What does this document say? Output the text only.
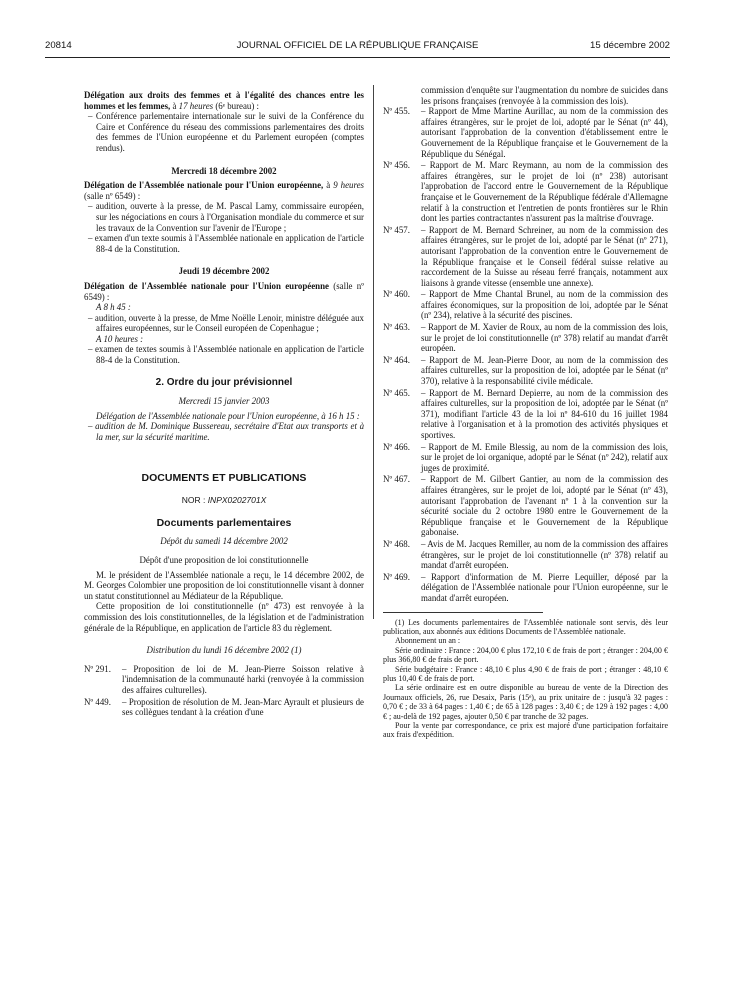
20814	JOURNAL OFFICIEL DE LA RÉPUBLIQUE FRANÇAISE	15 décembre 2002

Délégation aux droits des femmes et à l'égalité des chances entre les hommes et les femmes, à 17 heures (6ᵉ bureau) :

– Conférence parlementaire internationale sur le suivi de la Conférence du Caire et Conférence du réseau des commissions parlementaires des droits des femmes de l'Union européenne et du Parlement européen (comptes rendus).

Mercredi 18 décembre 2002

Délégation de l'Assemblée nationale pour l'Union européenne, à 9 heures (salle nº 6549) :

– audition, ouverte à la presse, de M. Pascal Lamy, commissaire européen, sur les négociations en cours à l'Organisation mondiale du commerce et sur les travaux de la Convention sur l'avenir de l'Europe ;

– examen d'un texte soumis à l'Assemblée nationale en application de l'article 88-4 de la Constitution.

Jeudi 19 décembre 2002

Délégation de l'Assemblée nationale pour l'Union européenne (salle nº 6549) :

A 8 h 45 :

– audition, ouverte à la presse, de Mme Noëlle Lenoir, ministre déléguée aux affaires européennes, sur le Conseil européen de Copenhague ;

A 10 heures :

– examen de textes soumis à l'Assemblée nationale en application de l'article 88-4 de la Constitution.

2. Ordre du jour prévisionnel

Mercredi 15 janvier 2003

Délégation de l'Assemblée nationale pour l'Union européenne, à 16 h 15 :

– audition de M. Dominique Bussereau, secrétaire d'Etat aux transports et à la mer, sur la sécurité maritime.

DOCUMENTS ET PUBLICATIONS

NOR : INPX0202701X

Documents parlementaires

Dépôt du samedi 14 décembre 2002

Dépôt d'une proposition de loi constitutionnelle

M. le président de l'Assemblée nationale a reçu, le 14 décembre 2002, de M. Georges Colombier une proposition de loi constitutionnelle visant à donner un statut constitutionnel au Médiateur de la République.

Cette proposition de loi constitutionnelle (nº 473) est renvoyée à la commission des lois constitutionnelles, de la législation et de l'administration générale de la République, en application de l'article 83 du règlement.

Distribution du lundi 16 décembre 2002 (1)

Nº 291. – Proposition de loi de M. Jean-Pierre Soisson relative à l'indemnisation de la communauté harki (renvoyée à la commission des affaires culturelles).

Nº 449. – Proposition de résolution de M. Jean-Marc Ayrault et plusieurs de ses collègues tendant à la création d'une

commission d'enquête sur l'augmentation du nombre de suicides dans les prisons françaises (renvoyée à la commission des lois).

Nº 455. – Rapport de Mme Martine Aurillac, au nom de la commission des affaires étrangères, sur le projet de loi, adopté par le Sénat (nº 44), autorisant l'approbation de la convention d'établissement entre le Gouvernement de la République française et le Gouvernement de la République du Sénégal.

Nº 456. – Rapport de M. Marc Reymann, au nom de la commission des affaires étrangères, sur le projet de loi (nº 238) autorisant l'approbation de l'accord entre le Gouvernement de la République française et le Gouvernement de la République fédérale d'Allemagne relatif à la construction et l'entretien de ponts frontières sur le Rhin dont les parties contractantes n'assurent pas la maîtrise d'ouvrage.

Nº 457. – Rapport de M. Bernard Schreiner, au nom de la commission des affaires étrangères, sur le projet de loi, adopté par le Sénat (nº 271), autorisant l'approbation de la convention entre le Gouvernement de la République française et le Conseil fédéral suisse relative au raccordement de la Suisse au réseau ferré français, notamment aux liaisons à grande vitesse (ensemble une annexe).

Nº 460. – Rapport de Mme Chantal Brunel, au nom de la commission des affaires économiques, sur la proposition de loi, adoptée par le Sénat (nº 234), relative à la sécurité des piscines.

Nº 463. – Rapport de M. Xavier de Roux, au nom de la commission des lois, sur le projet de loi constitutionnelle (nº 378) relatif au mandat d'arrêt européen.

Nº 464. – Rapport de M. Jean-Pierre Door, au nom de la commission des affaires culturelles, sur la proposition de loi, adoptée par le Sénat (nº 370), relative à la responsabilité civile médicale.

Nº 465. – Rapport de M. Bernard Depierre, au nom de la commission des affaires culturelles, sur la proposition de loi, adoptée par le Sénat (nº 371), modifiant l'article 43 de la loi nº 84-610 du 16 juillet 1984 relative à l'organisation et à la promotion des activités physiques et sportives.

Nº 466. – Rapport de M. Emile Blessig, au nom de la commission des lois, sur le projet de loi organique, adopté par le Sénat (nº 242), relatif aux juges de proximité.

Nº 467. – Rapport de M. Gilbert Gantier, au nom de la commission des affaires étrangères, sur le projet de loi, adopté par le Sénat (nº 43), autorisant l'approbation de l'avenant nº 1 à la convention sur la sécurité sociale du 2 octobre 1980 entre le Gouvernement de la République française et le Gouvernement de la République gabonaise.

Nº 468. – Avis de M. Jacques Remiller, au nom de la commission des affaires étrangères, sur le projet de loi constitutionnelle (nº 378) relatif au mandat d'arrêt européen.

Nº 469. – Rapport d'information de M. Pierre Lequiller, déposé par la délégation de l'Assemblée nationale pour l'Union européenne, sur le mandat d'arrêt européen.

(1) Les documents parlementaires de l'Assemblée nationale sont servis, dès leur publication, aux abonnés aux éditions Documents de l'Assemblée nationale.

Abonnement un an :

Série ordinaire : France : 204,00 € plus 172,10 € de frais de port ; étranger : 204,00 € plus 366,80 € de frais de port.

Série budgétaire : France : 48,10 € plus 4,90 € de frais de port ; étranger : 48,10 € plus 10,40 € de frais de port.

La série ordinaire est en outre disponible au bureau de vente de la Direction des Journaux officiels, 26, rue Desaix, Paris (15ᵉ), au prix unitaire de : jusqu'à 32 pages : 0,70 € ; de 33 à 64 pages : 1,40 € ; de 65 à 128 pages : 3,40 € ; de 129 à 192 pages : 4,00 € ; au-delà de 192 pages, ajouter 0,50 € par tranche de 32 pages.

Pour la vente par correspondance, ce prix est majoré d'une participation forfaitaire aux frais d'expédition.
